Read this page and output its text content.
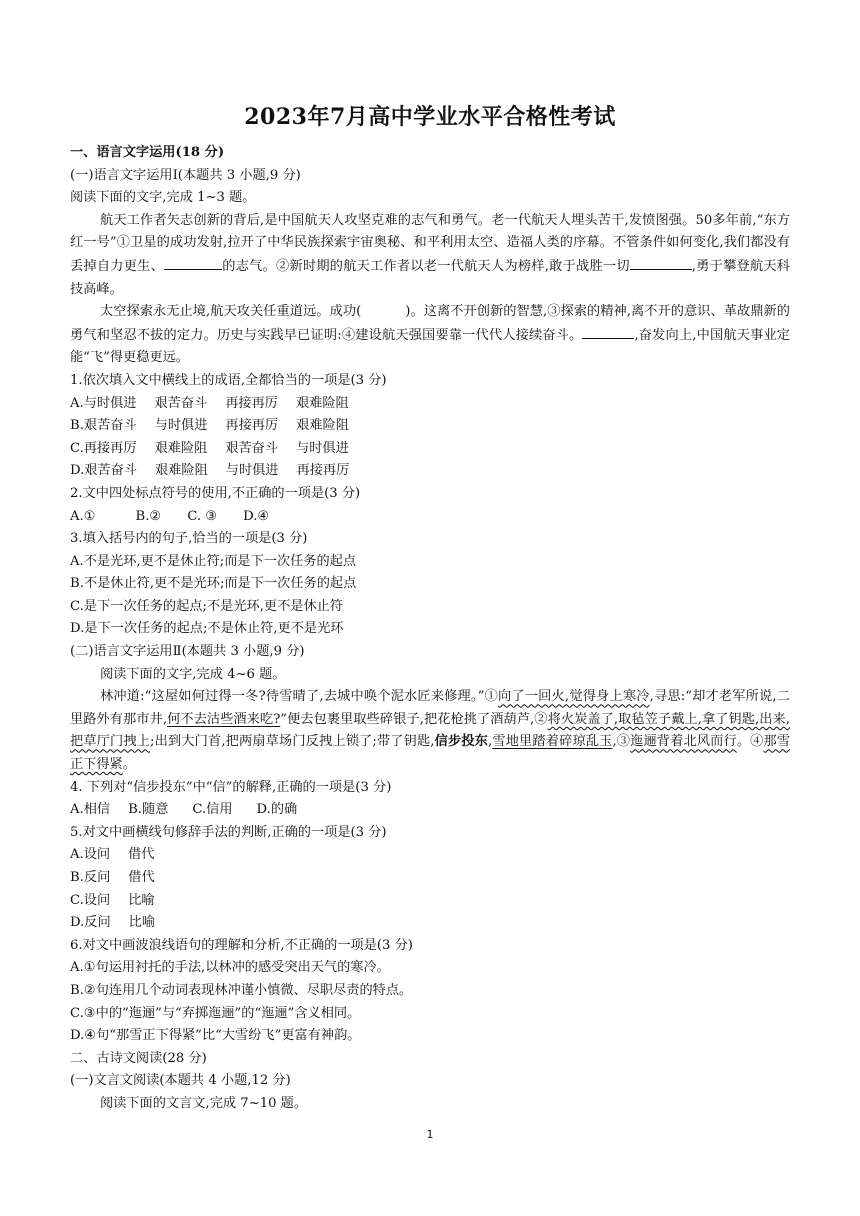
2023年7月高中学业水平合格性考试
一、语言文字运用(18 分)
(一)语言文字运用Ⅰ(本题共 3 小题,9 分)
阅读下面的文字,完成 1~3 题。
航天工作者矢志创新的背后,是中国航天人攻坚克难的志气和勇气。老一代航天人埋头苦干,发愤图强。50多年前,“东方红一号”①卫星的成功发射,拉开了中华民族探索宇宙奥秘、和平利用太空、造福人类的序幕。不管条件如何变化,我们都没有丢掉自力更生、	的志气。②新时期的航天工作者以老一代航天人为榜样,敢于战胜一切	,勇于攀登航天科技高峰。
太空探索永无止境,航天攻关任重道远。成功(	)。这离不开创新的智慧,③探索的精神,离不开的意识、革故鼎新的勇气和坚忍不拔的定力。历史与实践早已证明:④建设航天强国要靠一代代人接续奋斗。	,奋发向上,中国航天事业定能“飞”得更稳更远。
1.依次填入文中横线上的成语,全都恰当的一项是(3 分)
A.与时俱进 艰苦奋斗 再接再厉 艰难险阻
B.艰苦奋斗 与时俱进 再接再厉 艰难险阻
C.再接再厉 艰难险阻 艰苦奋斗 与时俱进
D.艰苦奋斗 艰难险阻 与时俱进 再接再厉
2.文中四处标点符号的使用,不正确的一项是(3 分)
A.①	B.② C. ③ D.④
3.填入括号内的句子,恰当的一项是(3 分)
A.不是光环,更不是休止符;而是下一次任务的起点
B.不是休止符,更不是光环;而是下一次任务的起点
C.是下一次任务的起点;不是光环,更不是休止符
D.是下一次任务的起点;不是休止符,更不是光环
(二)语言文字运用Ⅱ(本题共 3 小题,9 分)
阅读下面的文字,完成 4~6 题。
林冲道:“这屋如何过得一冬?待雪晴了,去城中唤个泥水匠来修理。”①向了一回火,觉得身上寒冷,寻思:“却才老军所说,二里路外有那市井,何不去沽些酒来吃?”便去包裹里取些碎银子,把花枪挑了酒葫芦,②将火炭盖了,取毡笠子戴上,拿了钥匙,出来,把草厅门拽上;出到大门首,把两扇草场门反拽上锁了;带了钥匙,信步投东,雪地里踏着碎琼乱玉,③迤逦背着北风而行。④那雪正下得紧。
4. 下列对“信步投东”中“信”的解释,正确的一项是(3 分)
A.相信 B.随意 C.信用 D.的确
5.对文中画横线句修辞手法的判断,正确的一项是(3 分)
A.设问 借代
B.反问 借代
C.设问 比喻
D.反问 比喻
6.对文中画波浪线语句的理解和分析,不正确的一项是(3 分)
A.①句运用衬托的手法,以林冲的感受突出天气的寒冷。
B.②句连用几个动词表现林冲谨小慎微、尽职尽责的特点。
C.③中的“迤逦”与“弃掷迤逦”的“迤逦”含义相同。
D.④句“那雪正下得紧”比“大雪纷飞”更富有神韵。
二、古诗文阅读(28 分)
(一)文言文阅读(本题共 4 小题,12 分)
阅读下面的文言文,完成 7~10 题。
1
